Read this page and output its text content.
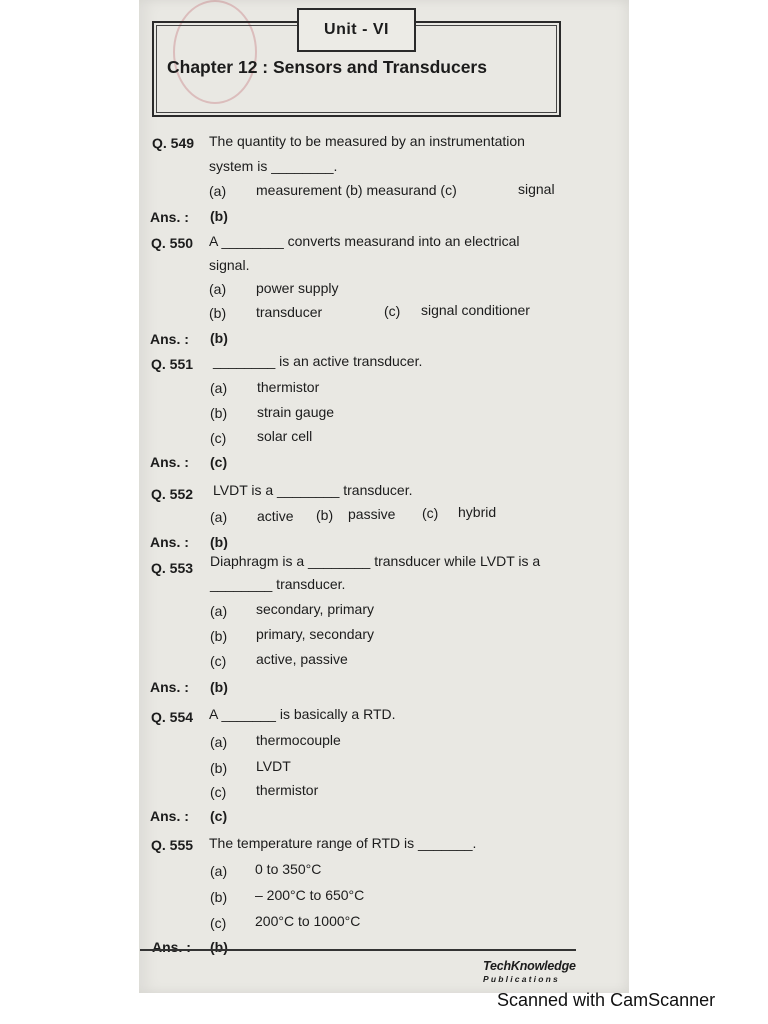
Unit - VI
Chapter 12 : Sensors and Transducers
Q. 549 The quantity to be measured by an instrumentation
system is ________.
(a) measurement (b) measurand (c)	signal
Ans. : (b)
Q. 550 A ________ converts measurand into an electrical
signal.
(a) power supply
(b) transducer	(c) signal conditioner
Ans. : (b)
Q. 551 ________ is an active transducer.
(a) thermistor
(b) strain gauge
(c) solar cell
Ans. : (c)
Q. 552 LVDT is a ________ transducer.
(a) active (b) passive (c) hybrid
Ans. : (b)
Q. 553 Diaphragm is a ________ transducer while LVDT is a
________ transducer.
(a) secondary, primary
(b) primary, secondary
(c) active, passive
Ans. : (b)
Q. 554 A _______ is basically a RTD.
(a) thermocouple
(b) LVDT
(c) thermistor
Ans. : (c)
Q. 555 The temperature range of RTD is _______.
(a) 0 to 350°C
(b) – 200°C to 650°C
(c) 200°C to 1000°C
Ans. : (b)
TechKnowledge
Publications
Scanned with CamScanner
